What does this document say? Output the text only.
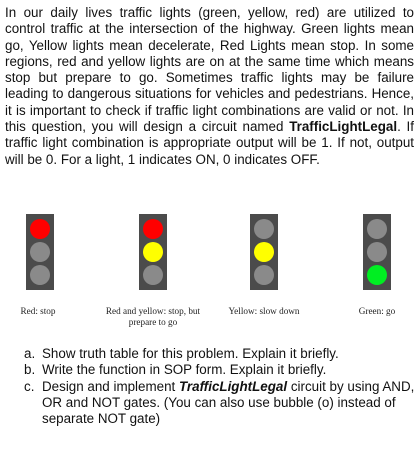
In our daily lives traffic lights (green, yellow, red) are utilized to control traffic at the intersection of the highway. Green lights mean go, Yellow lights mean decelerate, Red Lights mean stop. In some regions, red and yellow lights are on at the same time which means stop but prepare to go. Sometimes traffic lights may be failure leading to dangerous situations for vehicles and pedestrians. Hence, it is important to check if traffic light combinations are valid or not. In this question, you will design a circuit named TrafficLightLegal. If traffic light combination is appropriate output will be 1. If not, output will be 0. For a light, 1 indicates ON, 0 indicates OFF.

Red: stop	Red and yellow: stop, but
prepare to go
Yellow: slow down	Green: go
a. Show truth table for this problem. Explain it briefly.
b. Write the function in SOP form. Explain it briefly.
c. Design and implement TrafficLightLegal circuit by using AND, OR and NOT gates. (You can also use bubble (o) instead of separate NOT gate)
